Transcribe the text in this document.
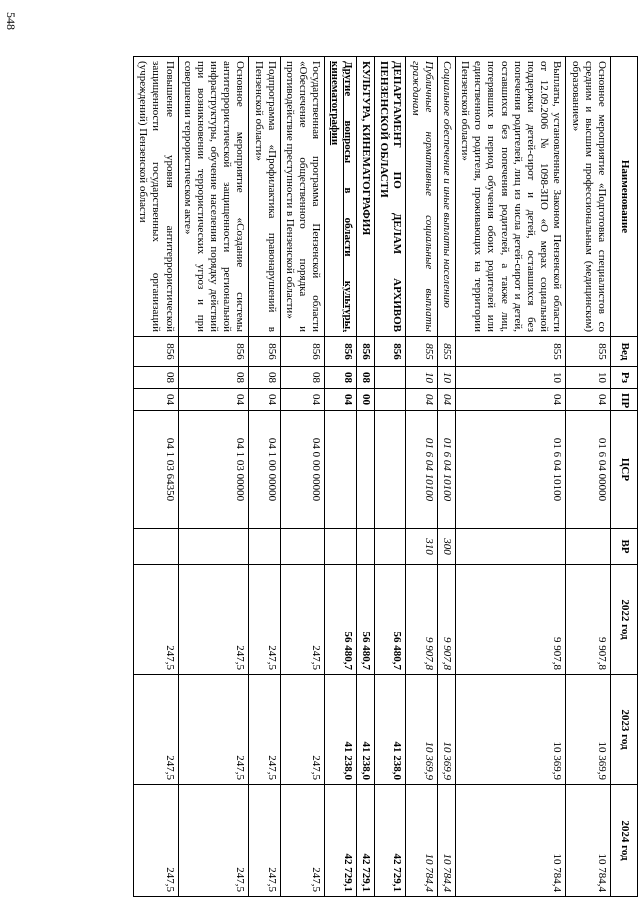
548
Наименование	Вед	Рз	ПР	ЦСР	ВР	2022 год	2023 год	2024 год
Основное мероприятие «Подготовка специалистов со средним и высшим профессиональным (медицинским) образованием»	855	10	04	01 6 04 00000		9 907,8	10 369,9	10 784,4
Выплаты, установленные Законом Пензенской области от 12.09.2006 № 1098-ЗПО «О мерах социальной поддержки детей-сирот и детей, оставшихся без попечения родителей, лиц из числа детей-сирот и детей, оставшихся без попечения родителей, а также лиц, потерявших в период обучения обоих родителей или единственного родителя, проживающих на территории Пензенской области»	855	10	04	01 6 04 10100		9 907,8	10 369,9	10 784,4
Социальное обеспечение и иные выплаты населению	855	10	04	01 6 04 10100	300	9 907,8	10 369,9	10 784,4
Публичные нормативные социальные выплаты гражданам	855	10	04	01 6 04 10100	310	9 907,8	10 369,9	10 784,4
ДЕПАРТАМЕНТ ПО ДЕЛАМ АРХИВОВ ПЕНЗЕНСКОЙ ОБЛАСТИ	856					56 480,7	41 238,0	42 729,1
КУЛЬТУРА, КИНЕМАТОГРАФИЯ	856	08	00			56 480,7	41 238,0	42 729,1
Другие вопросы в области культуры, кинематографии	856	08	04			56 480,7	41 238,0	42 729,1
Государственная программа Пензенской области «Обеспечение общественного порядка и противодействие преступности в Пензенской области»	856	08	04	04 0 00 00000		247,5	247,5	247,5
Подпрограмма «Профилактика правонарушений в Пензенской области»	856	08	04	04 1 00 00000		247,5	247,5	247,5
Основное мероприятие «Создание системы антитеррористической защищенности региональной инфраструктуры, обучение населения порядку действий при возникновении террористических угроз и при совершении террористическом акте»	856	08	04	04 1 03 00000		247,5	247,5	247,5
Повышение уровня антитеррористической защищенности государственных организаций (учреждений) Пензенской области	856	08	04	04 1 03 64350		247,5	247,5	247,5
